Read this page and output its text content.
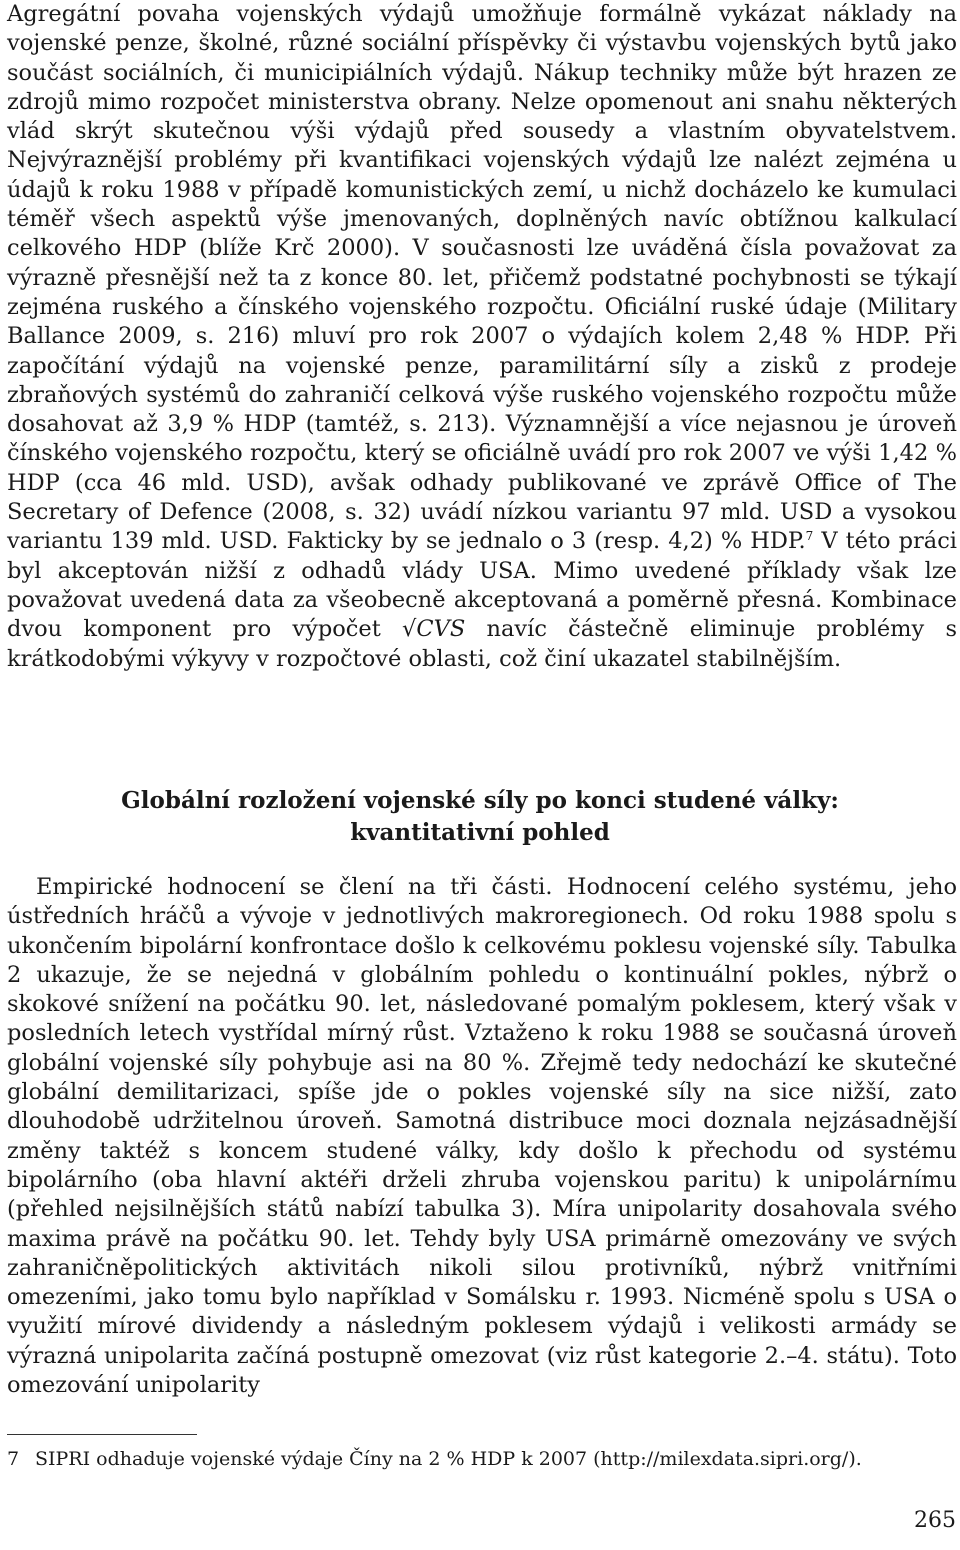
Agregátní povaha vojenských výdajů umožňuje formálně vykázat náklady na vojenské penze, školné, různé sociální příspěvky či výstavbu vojenských bytů jako součást sociálních, či municipiálních výdajů. Nákup techniky může být hrazen ze zdrojů mimo rozpočet ministerstva obrany. Nelze opomenout ani snahu některých vlád skrýt skutečnou výši výdajů před sousedy a vlastním obyvatelstvem. Nejvýraznější problémy při kvantifikaci vojenských výdajů lze nalézt zejména u údajů k roku 1988 v případě komunistických zemí, u nichž docházelo ke kumulaci téměř všech aspektů výše jmenovaných, doplněných navíc obtížnou kalkulací celkového HDP (blíže Krč 2000). V současnosti lze uváděná čísla považovat za výrazně přesnější než ta z konce 80. let, přičemž podstatné pochybnosti se týkají zejména ruského a čínského vojenského rozpočtu. Oficiální ruské údaje (Military Ballance 2009, s. 216) mluví pro rok 2007 o výdajích kolem 2,48 % HDP. Při započítání výdajů na vojenské penze, paramilitární síly a zisků z prodeje zbraňových systémů do zahraničí celková výše ruského vojenského rozpočtu může dosahovat až 3,9 % HDP (tamtéž, s. 213). Významnější a více nejasnou je úroveň čínského vojenského rozpočtu, který se oficiálně uvádí pro rok 2007 ve výši 1,42 % HDP (cca 46 mld. USD), avšak odhady publikované ve zprávě Office of The Secretary of Defence (2008, s. 32) uvádí nízkou variantu 97 mld. USD a vysokou variantu 139 mld. USD. Fakticky by se jednalo o 3 (resp. 4,2) % HDP.$^7$ V této práci byl akceptován nižší z odhadů vlády USA. Mimo uvedené příklady však lze považovat uvedená data za všeobecně akceptovaná a poměrně přesná. Kombinace dvou komponent pro výpočet √CVS navíc částečně eliminuje problémy s krátkodobými výkyvy v rozpočtové oblasti, což činí ukazatel stabilnějším.

Globální rozložení vojenské síly po konci studené války:
kvantitativní pohled

Empirické hodnocení se člení na tři části. Hodnocení celého systému, jeho ústředních hráčů a vývoje v jednotlivých makroregionech. Od roku 1988 spolu s ukončením bipolární konfrontace došlo k celkovému poklesu vojenské síly. Tabulka 2 ukazuje, že se nejedná v globálním pohledu o kontinuální pokles, nýbrž o skokové snížení na počátku 90. let, následované pomalým poklesem, který však v posledních letech vystřídal mírný růst. Vztaženo k roku 1988 se současná úroveň globální vojenské síly pohybuje asi na 80 %. Zřejmě tedy nedochází ke skutečné globální demilitarizaci, spíše jde o pokles vojenské síly na sice nižší, zato dlouhodobě udržitelnou úroveň. Samotná distribuce moci doznala nejzásadnější změny taktéž s koncem studené války, kdy došlo k přechodu od systému bipolárního (oba hlavní aktéři drželi zhruba vojenskou paritu) k unipolárnímu (přehled nejsilnějších států nabízí tabulka 3). Míra unipolarity dosahovala svého maxima právě na počátku 90. let. Tehdy byly USA primárně omezovány ve svých zahraničněpolitických aktivitách nikoli silou protivníků, nýbrž vnitřními omezeními, jako tomu bylo například v Somálsku r. 1993. Nicméně spolu s USA o využití mírové dividendy a následným poklesem výdajů i velikosti armády se výrazná unipolarita začíná postupně omezovat (viz růst kategorie 2.–4. státu). Toto omezování unipolarity

7 SIPRI odhaduje vojenské výdaje Číny na 2 % HDP k 2007 (http://milexdata.sipri.org/).

265
